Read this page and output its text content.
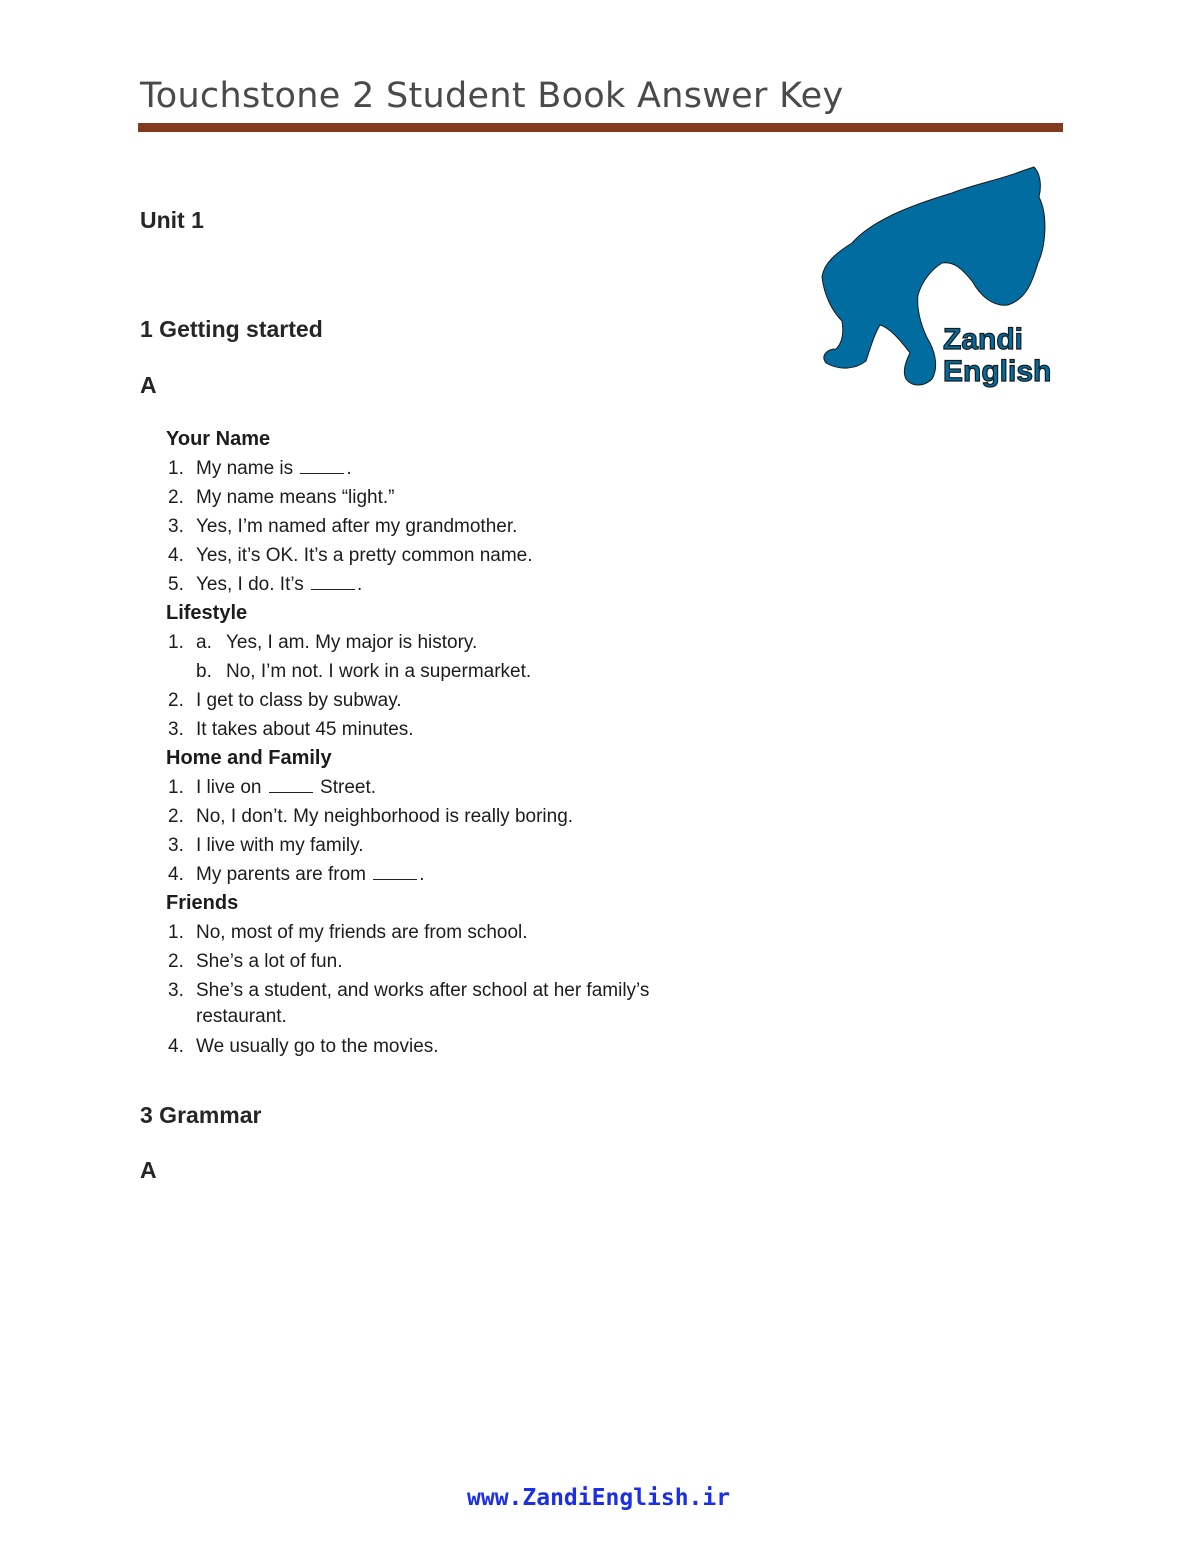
Touchstone 2 Student Book Answer Key
Unit 1
1 Getting started
A
Zandi
English
Your Name
1. My name is	.
2. My name means “light.”
3. Yes, I’m named after my grandmother.
4. Yes, it’s OK. It’s a pretty common name.
5. Yes, I do. It’s	.
Lifestyle
1. a. Yes, I am. My major is history.
b. No, I’m not. I work in a supermarket.
2. I get to class by subway.
3. It takes about 45 minutes.
Home and Family
1. I live on	Street.
2. No, I don’t. My neighborhood is really boring.
3. I live with my family.
4. My parents are from	.
Friends
1. No, most of my friends are from school.
2. She’s a lot of fun.
3. She’s a student, and works after school at her family’s
restaurant.
4. We usually go to the movies.
3 Grammar
A
www.ZandiEnglish.ir
